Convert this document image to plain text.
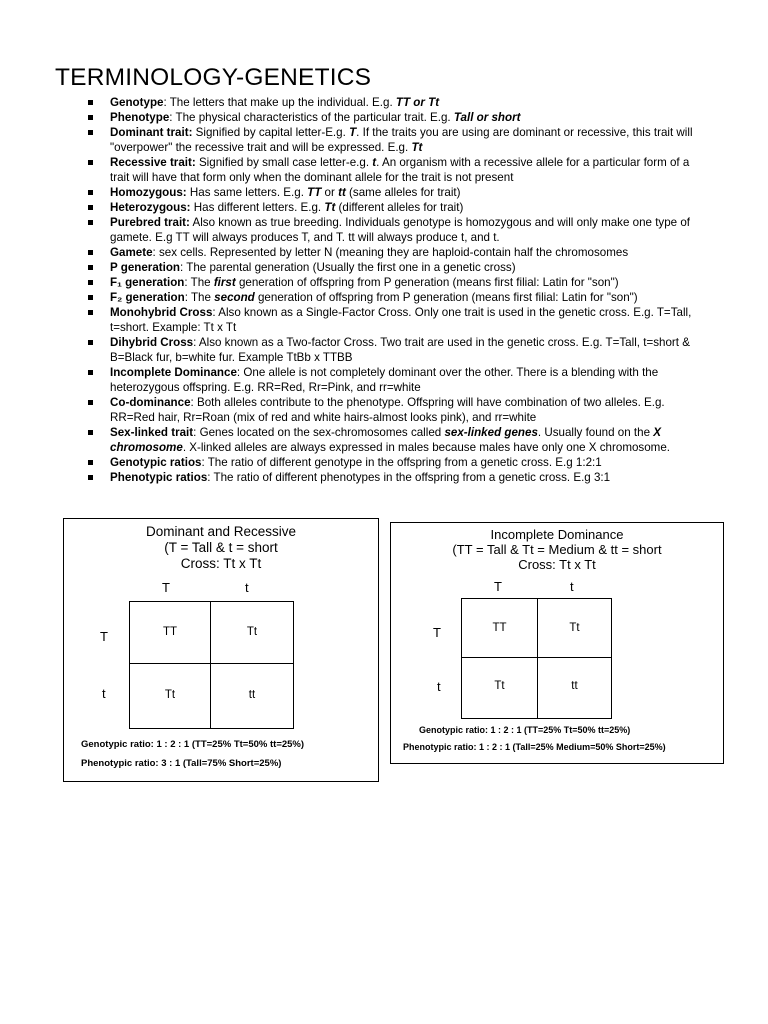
TERMINOLOGY-GENETICS
Genotype: The letters that make up the individual. E.g. TT or Tt
Phenotype: The physical characteristics of the particular trait. E.g. Tall or short
Dominant trait: Signified by capital letter-E.g. T. If the traits you are using are dominant or recessive, this trait will "overpower" the recessive trait and will be expressed. E.g. Tt
Recessive trait: Signified by small case letter-e.g. t. An organism with a recessive allele for a particular form of a trait will have that form only when the dominant allele for the trait is not present
Homozygous: Has same letters. E.g. TT or tt (same alleles for trait)
Heterozygous: Has different letters. E.g. Tt (different alleles for trait)
Purebred trait: Also known as true breeding. Individuals genotype is homozygous and will only make one type of gamete. E.g TT will always produces T, and T. tt will always produce t, and t.
Gamete: sex cells. Represented by letter N (meaning they are haploid-contain half the chromosomes
P generation: The parental generation (Usually the first one in a genetic cross)
F₁ generation: The first generation of offspring from P generation (means first filial: Latin for "son")
F₂ generation: The second generation of offspring from P generation (means first filial: Latin for "son")
Monohybrid Cross: Also known as a Single-Factor Cross. Only one trait is used in the genetic cross. E.g. T=Tall, t=short. Example: Tt x Tt
Dihybrid Cross: Also known as a Two-factor Cross. Two trait are used in the genetic cross. E.g. T=Tall, t=short & B=Black fur, b=white fur. Example TtBb x TTBB
Incomplete Dominance: One allele is not completely dominant over the other. There is a blending with the heterozygous offspring. E.g. RR=Red, Rr=Pink, and rr=white
Co-dominance: Both alleles contribute to the phenotype. Offspring will have combination of two alleles. E.g. RR=Red hair, Rr=Roan (mix of red and white hairs-almost looks pink), and rr=white
Sex-linked trait: Genes located on the sex-chromosomes called sex-linked genes. Usually found on the X chromosome. X-linked alleles are always expressed in males because males have only one X chromosome.
Genotypic ratios: The ratio of different genotype in the offspring from a genetic cross. E.g 1:2:1
Phenotypic ratios: The ratio of different phenotypes in the offspring from a genetic cross. E.g 3:1
Dominant and Recessive
(T = Tall & t = short
Cross: Tt x Tt
T	t
T
t
TT	Tt
Tt	tt
Genotypic ratio: 1 : 2 : 1 (TT=25% Tt=50% tt=25%)
Phenotypic ratio: 3 : 1 (Tall=75% Short=25%)
Incomplete Dominance
(TT = Tall & Tt = Medium & tt = short
Cross: Tt x Tt
T	t
T
t
TT	Tt
Tt	tt
Genotypic ratio: 1 : 2 : 1 (TT=25% Tt=50% tt=25%)
Phenotypic ratio: 1 : 2 : 1 (Tall=25% Medium=50% Short=25%)
